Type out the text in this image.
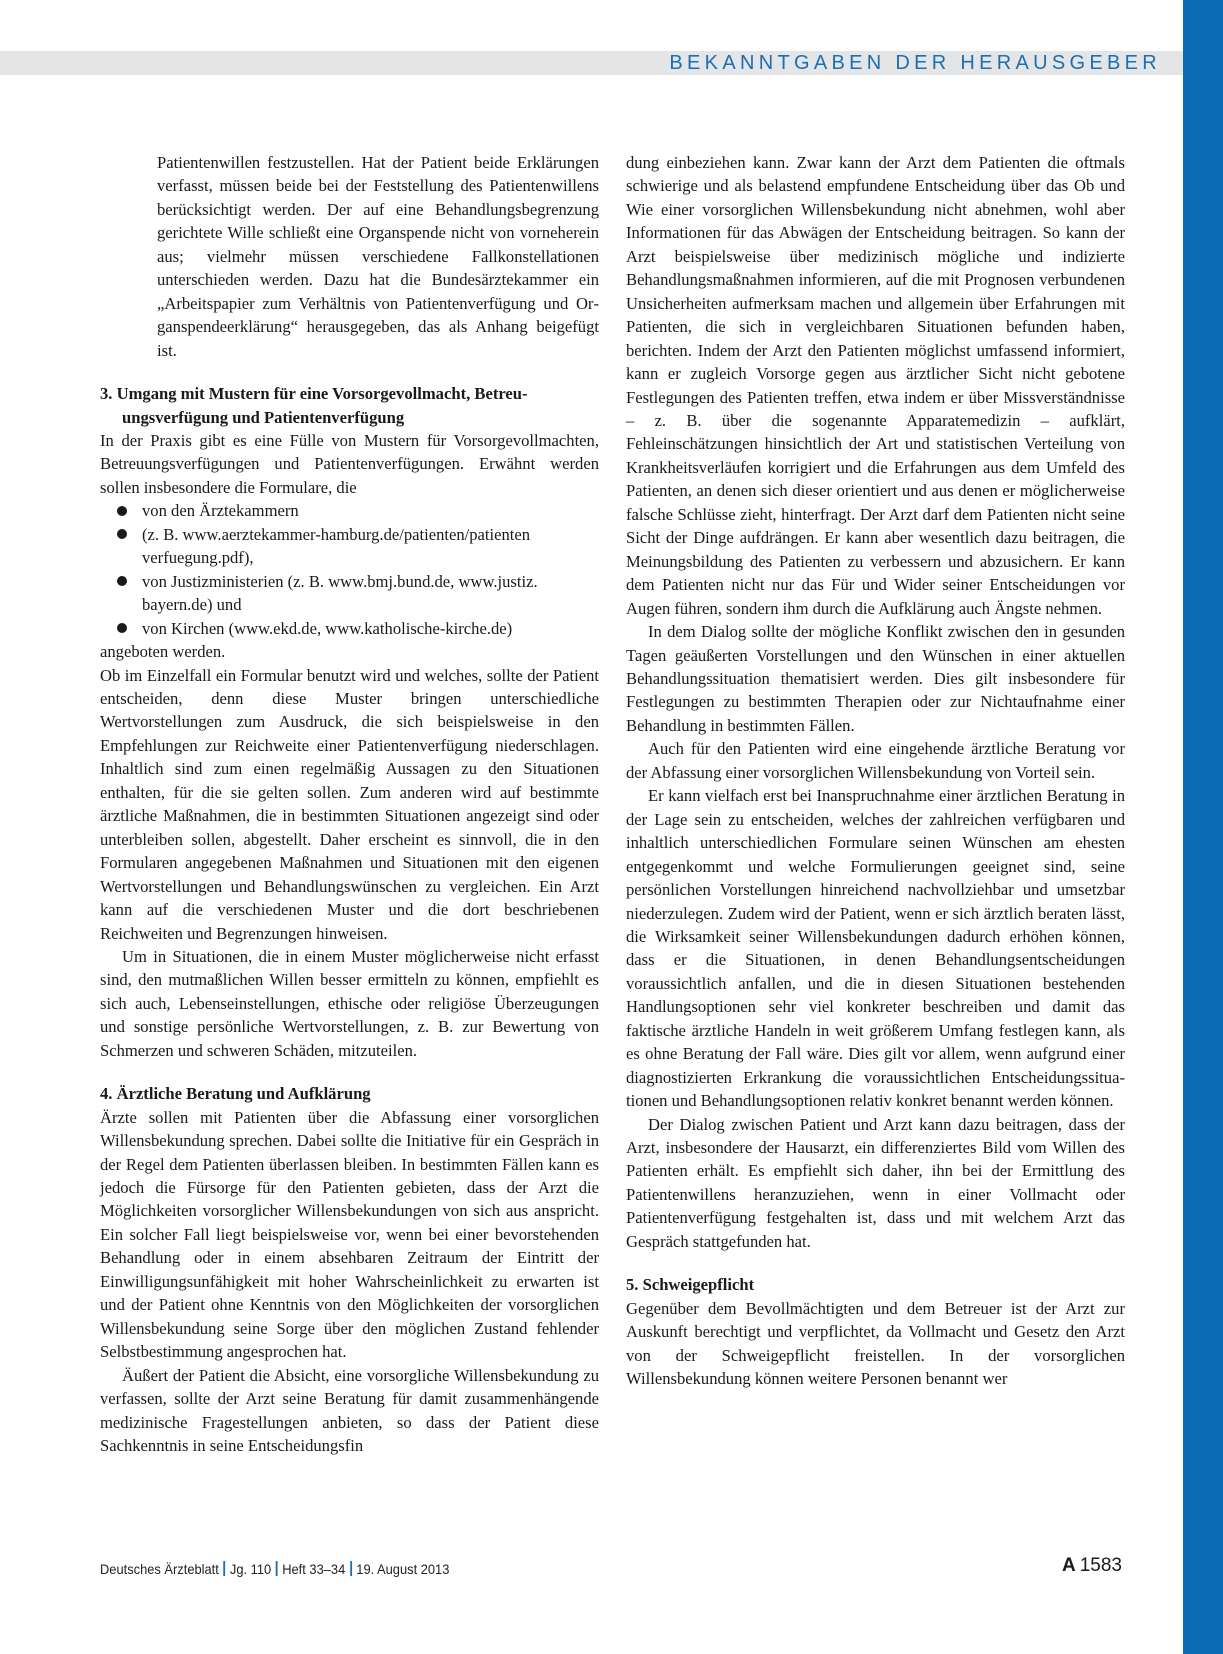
BEKANNTGABEN DER HERAUSGEBER

Patientenwillen festzustellen. Hat der Patient beide Erklärungen verfasst, müssen beide bei der Feststellung des Patientenwillens berücksichtigt werden. Der auf eine Behandlungsbegrenzung gerichtete Wille schließt eine Organspende nicht von vorneherein aus; vielmehr müssen verschiedene Fallkonstellationen unterschieden werden. Dazu hat die Bundesärztekammer ein „Arbeitspapier zum Verhältnis von Patientenverfügung und Organspendeerklärung“ herausgegeben, das als Anhang beigefügt ist.

3. Umgang mit Mustern für eine Vorsorgevollmacht, Betreuungsverfügung und Patientenverfügung

In der Praxis gibt es eine Fülle von Mustern für Vorsorgevollmachten, Betreuungsverfügungen und Patientenverfügungen. Erwähnt werden sollen insbesondere die Formulare, die

von den Ärztekammern
(z. B. www.aerztekammer-hamburg.de/patienten/patienten verfuegung.pdf),
von Justizministerien (z. B. www.bmj.bund.de, www.justiz. bayern.de) und
von Kirchen (www.ekd.de, www.katholische-kirche.de)

angeboten werden.

Ob im Einzelfall ein Formular benutzt wird und welches, sollte der Patient entscheiden, denn diese Muster bringen unterschiedliche Wertvorstellungen zum Ausdruck, die sich beispielsweise in den Empfehlungen zur Reichweite einer Patientenverfügung niederschlagen. Inhaltlich sind zum einen regelmäßig Aussagen zu den Situationen enthalten, für die sie gelten sollen. Zum anderen wird auf bestimmte ärztliche Maßnahmen, die in bestimmten Situationen angezeigt sind oder unterbleiben sollen, abgestellt. Daher erscheint es sinnvoll, die in den Formularen angegebenen Maßnahmen und Situationen mit den eigenen Wertvorstellungen und Behandlungswünschen zu vergleichen. Ein Arzt kann auf die verschiedenen Muster und die dort beschriebenen Reichweiten und Begrenzungen hinweisen.

Um in Situationen, die in einem Muster möglicherweise nicht erfasst sind, den mutmaßlichen Willen besser ermitteln zu können, empfiehlt es sich auch, Lebenseinstellungen, ethische oder religiöse Überzeugungen und sonstige persönliche Wertvorstellungen, z. B. zur Bewertung von Schmerzen und schweren Schäden, mitzuteilen.

4. Ärztliche Beratung und Aufklärung

Ärzte sollen mit Patienten über die Abfassung einer vorsorglichen Willensbekundung sprechen. Dabei sollte die Initiative für ein Gespräch in der Regel dem Patienten überlassen bleiben. In bestimmten Fällen kann es jedoch die Fürsorge für den Patienten gebieten, dass der Arzt die Möglichkeiten vorsorglicher Willensbekundungen von sich aus anspricht. Ein solcher Fall liegt beispielsweise vor, wenn bei einer bevorstehenden Behandlung oder in einem absehbaren Zeitraum der Eintritt der Einwilligungsunfähigkeit mit hoher Wahrscheinlichkeit zu erwarten ist und der Patient ohne Kenntnis von den Möglichkeiten der vorsorglichen Willensbekundung seine Sorge über den möglichen Zustand fehlender Selbstbestimmung angesprochen hat.

Äußert der Patient die Absicht, eine vorsorgliche Willensbekundung zu verfassen, sollte der Arzt seine Beratung für damit zusammenhängende medizinische Fragestellungen anbieten, so dass der Patient diese Sachkenntnis in seine Entscheidungsfin

dung einbeziehen kann. Zwar kann der Arzt dem Patienten die oftmals schwierige und als belastend empfundene Entscheidung über das Ob und Wie einer vorsorglichen Willensbekundung nicht abnehmen, wohl aber Informationen für das Abwägen der Entscheidung beitragen. So kann der Arzt beispielsweise über medizinisch mögliche und indizierte Behandlungsmaßnahmen informieren, auf die mit Prognosen verbundenen Unsicherheiten aufmerksam machen und allgemein über Erfahrungen mit Patienten, die sich in vergleichbaren Situationen befunden haben, berichten. Indem der Arzt den Patienten möglichst umfassend informiert, kann er zugleich Vorsorge gegen aus ärztlicher Sicht nicht gebotene Festlegungen des Patienten treffen, etwa indem er über Missverständnisse – z. B. über die sogenannte Apparatemedizin – aufklärt, Fehleinschätzungen hinsichtlich der Art und statistischen Verteilung von Krankheitsverläufen korrigiert und die Erfahrungen aus dem Umfeld des Patienten, an denen sich dieser orientiert und aus denen er möglicherweise falsche Schlüsse zieht, hinterfragt. Der Arzt darf dem Patienten nicht seine Sicht der Dinge aufdrängen. Er kann aber wesentlich dazu beitragen, die Meinungsbildung des Patienten zu verbessern und abzusichern. Er kann dem Patienten nicht nur das Für und Wider seiner Entscheidungen vor Augen führen, sondern ihm durch die Aufklärung auch Ängste nehmen.

In dem Dialog sollte der mögliche Konflikt zwischen den in gesunden Tagen geäußerten Vorstellungen und den Wünschen in einer aktuellen Behandlungssituation thematisiert werden. Dies gilt insbesondere für Festlegungen zu bestimmten Therapien oder zur Nichtaufnahme einer Behandlung in bestimmten Fällen.

Auch für den Patienten wird eine eingehende ärztliche Beratung vor der Abfassung einer vorsorglichen Willensbekundung von Vorteil sein.

Er kann vielfach erst bei Inanspruchnahme einer ärztlichen Beratung in der Lage sein zu entscheiden, welches der zahlreichen verfügbaren und inhaltlich unterschiedlichen Formulare seinen Wünschen am ehesten entgegenkommt und welche Formulierungen geeignet sind, seine persönlichen Vorstellungen hinreichend nachvollziehbar und umsetzbar niederzulegen. Zudem wird der Patient, wenn er sich ärztlich beraten lässt, die Wirksamkeit seiner Willensbekundungen dadurch erhöhen können, dass er die Situationen, in denen Behandlungsentscheidungen voraussichtlich anfallen, und die in diesen Situationen bestehenden Handlungsoptionen sehr viel konkreter beschreiben und damit das faktische ärztliche Handeln in weit größerem Umfang festlegen kann, als es ohne Beratung der Fall wäre. Dies gilt vor allem, wenn aufgrund einer diagnostizierten Erkrankung die voraussichtlichen Entscheidungssituationen und Behandlungsoptionen relativ konkret benannt werden können.

Der Dialog zwischen Patient und Arzt kann dazu beitragen, dass der Arzt, insbesondere der Hausarzt, ein differenziertes Bild vom Willen des Patienten erhält. Es empfiehlt sich daher, ihn bei der Ermittlung des Patientenwillens heranzuziehen, wenn in einer Vollmacht oder Patientenverfügung festgehalten ist, dass und mit welchem Arzt das Gespräch stattgefunden hat.

5. Schweigepflicht

Gegenüber dem Bevollmächtigten und dem Betreuer ist der Arzt zur Auskunft berechtigt und verpflichtet, da Vollmacht und Gesetz den Arzt von der Schweigepflicht freistellen. In der vorsorglichen Willensbekundung können weitere Personen benannt wer

Deutsches Ärzteblatt Jg. 110 Heft 33–34 19. August 2013	A 1583
